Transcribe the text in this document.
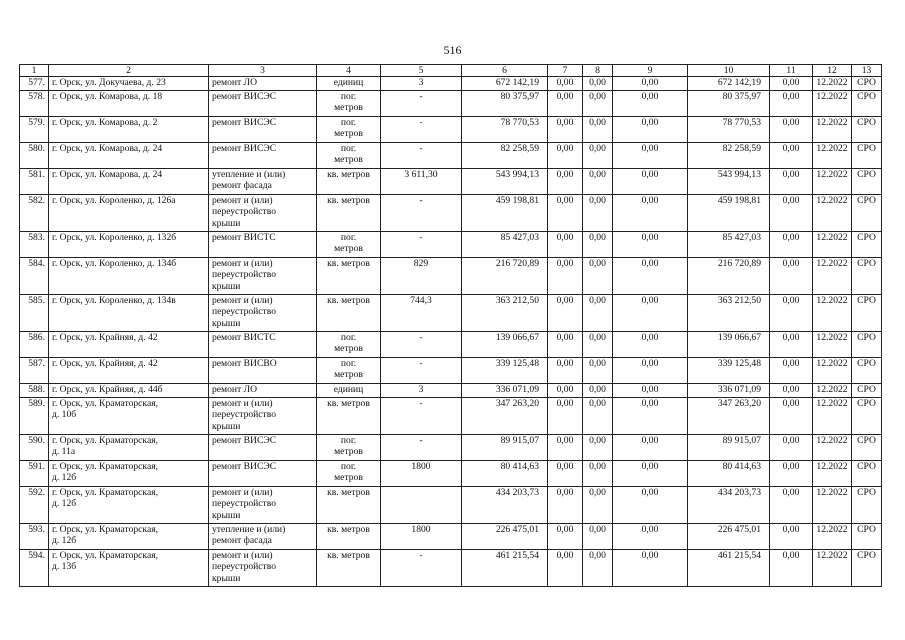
516
1	2	3	4	5	6	7	8	9	10	11	12	13
577.	г. Орск, ул. Докучаева, д. 23	ремонт ЛО	единиц	3	672 142,19	0,00	0,00	0,00	672 142,19	0,00	12.2022	СРО
578.	г. Орск, ул. Комарова, д. 18	ремонт ВИСЭС	пог.
метров	-	80 375,97	0,00	0,00	0,00	80 375,97	0,00	12.2022	СРО
579.	г. Орск, ул. Комарова, д. 2	ремонт ВИСЭС	пог.
метров	-	78 770,53	0,00	0,00	0,00	78 770,53	0,00	12.2022	СРО
580.	г. Орск, ул. Комарова, д. 24	ремонт ВИСЭС	пог.
метров	-	82 258,59	0,00	0,00	0,00	82 258,59	0,00	12.2022	СРО
581.	г. Орск, ул. Комарова, д. 24	утепление и (или)
ремонт фасада	кв. метров	3 611,30	543 994,13	0,00	0,00	0,00	543 994,13	0,00	12.2022	СРО
582.	г. Орск, ул. Короленко, д. 126а	ремонт и (или)
переустройство
крыши	кв. метров	-	459 198,81	0,00	0,00	0,00	459 198,81	0,00	12.2022	СРО
583.	г. Орск, ул. Короленко, д. 132б	ремонт ВИСТС	пог.
метров	-	85 427,03	0,00	0,00	0,00	85 427,03	0,00	12.2022	СРО
584.	г. Орск, ул. Короленко, д. 134б	ремонт и (или)
переустройство
крыши	кв. метров	829	216 720,89	0,00	0,00	0,00	216 720,89	0,00	12.2022	СРО
585.	г. Орск, ул. Короленко, д. 134в	ремонт и (или)
переустройство
крыши	кв. метров	744,3	363 212,50	0,00	0,00	0,00	363 212,50	0,00	12.2022	СРО
586.	г. Орск, ул. Крайняя, д. 42	ремонт ВИСТС	пог.
метров	-	139 066,67	0,00	0,00	0,00	139 066,67	0,00	12.2022	СРО
587.	г. Орск, ул. Крайняя, д. 42	ремонт ВИСВО	пог.
метров	-	339 125,48	0,00	0,00	0,00	339 125,48	0,00	12.2022	СРО
588.	г. Орск, ул. Крайняя, д. 44б	ремонт ЛО	единиц	3	336 071,09	0,00	0,00	0,00	336 071,09	0,00	12.2022	СРО
589.	г. Орск, ул. Краматорская,
д. 10б	ремонт и (или)
переустройство
крыши	кв. метров	-	347 263,20	0,00	0,00	0,00	347 263,20	0,00	12.2022	СРО
590.	г. Орск, ул. Краматорская,
д. 11а	ремонт ВИСЭС	пог.
метров	-	89 915,07	0,00	0,00	0,00	89 915,07	0,00	12.2022	СРО
591.	г. Орск, ул. Краматорская,
д. 12б	ремонт ВИСЭС	пог.
метров	1800	80 414,63	0,00	0,00	0,00	80 414,63	0,00	12.2022	СРО
592.	г. Орск, ул. Краматорская,
д. 12б	ремонт и (или)
переустройство
крыши	кв. метров		434 203,73	0,00	0,00	0,00	434 203,73	0,00	12.2022	СРО
593.	г. Орск, ул. Краматорская,
д. 12б	утепление и (или)
ремонт фасада	кв. метров	1800	226 475,01	0,00	0,00	0,00	226 475,01	0,00	12.2022	СРО
594.	г. Орск, ул. Краматорская,
д. 13б	ремонт и (или)
переустройство
крыши	кв. метров	-	461 215,54	0,00	0,00	0,00	461 215,54	0,00	12.2022	СРО
